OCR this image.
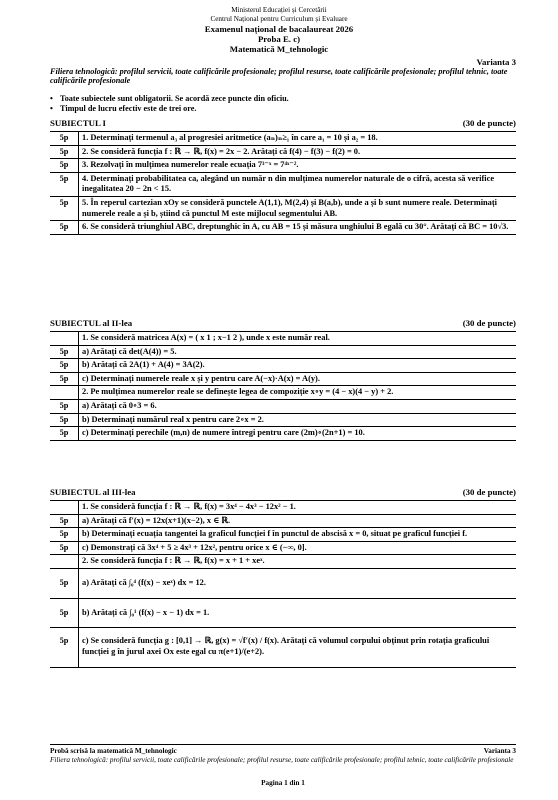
Ministerul Educației și Cercetării
Centrul Național pentru Curriculum și Evaluare
Examenul național de bacalaureat 2026
Proba E. c)
Matematică M_tehnologic
Varianta 3
Filiera tehnologică: profilul servicii, toate calificările profesionale; profilul resurse, toate calificările profesionale; profilul tehnic, toate calificările profesionale
• Toate subiectele sunt obligatorii. Se acordă zece puncte din oficiu.
• Timpul de lucru efectiv este de trei ore.
SUBIECTUL I	(30 de puncte)
5p	1. Determinați termenul a₃ al progresiei aritmetice (aₙ)ₙ≥₁ în care a₁ = 10 și a₂ = 18.
5p	2. Se consideră funcția f : ℝ → ℝ, f(x) = 2x − 2. Arătați că f(4) − f(3) − f(2) = 0.
5p	3. Rezolvați în mulțimea numerelor reale ecuația 7³⁻ˣ = 7⁴ˣ⁻².
5p	4. Determinați probabilitatea ca, alegând un număr n din mulțimea numerelor naturale de o cifră, acesta să verifice inegalitatea 20 − 2n < 15.
5p	5. În reperul cartezian xOy se consideră punctele A(1,1), M(2,4) și B(a,b), unde a și b sunt numere reale. Determinați numerele reale a și b, știind că punctul M este mijlocul segmentului AB.
5p	6. Se consideră triunghiul ABC, dreptunghic în A, cu AB = 15 și măsura unghiului B egală cu 30°. Arătați că BC = 10√3.
SUBIECTUL al II-lea	(30 de puncte)
	1. Se consideră matricea A(x) = ( x 1 ; x−1 2 ), unde x este număr real.
5p	a) Arătați că det(A(4)) = 5.
5p	b) Arătați că 2A(1) + A(4) = 3A(2).
5p	c) Determinați numerele reale x și y pentru care A(−x)·A(x) = A(y).
	2. Pe mulțimea numerelor reale se definește legea de compoziție x∘y = (4 − x)(4 − y) + 2.
5p	a) Arătați că 0∘3 = 6.
5p	b) Determinați numărul real x pentru care 2∘x = 2.
5p	c) Determinați perechile (m,n) de numere întregi pentru care (2m)∘(2n+1) = 10.
SUBIECTUL al III-lea	(30 de puncte)
	1. Se consideră funcția f : ℝ → ℝ, f(x) = 3x⁴ − 4x³ − 12x² − 1.
5p	a) Arătați că f′(x) = 12x(x+1)(x−2), x ∈ ℝ.
5p	b) Determinați ecuația tangentei la graficul funcției f în punctul de abscisă x = 0, situat pe graficul funcției f.
5p	c) Demonstrați că 3x⁴ + 5 ≥ 4x³ + 12x², pentru orice x ∈ (−∞, 0].
	2. Se consideră funcția f : ℝ → ℝ, f(x) = x + 1 + xeˣ.
5p	a) Arătați că ∫₀⁴ (f(x) − xeˣ) dx = 12.
5p	b) Arătați că ∫₀¹ (f(x) − x − 1) dx = 1.
5p	c) Se consideră funcția g : [0,1] → ℝ, g(x) = √f′(x) / f(x). Arătați că volumul corpului obținut prin rotația graficului funcției g în jurul axei Ox este egal cu π(e+1)/(e+2).
Probă scrisă la matematică M_tehnologic	Varianta 3
Filiera tehnologică: profilul servicii, toate calificările profesionale; profilul resurse, toate calificările profesionale; profilul tehnic, toate calificările profesionale
Pagina 1 din 1
